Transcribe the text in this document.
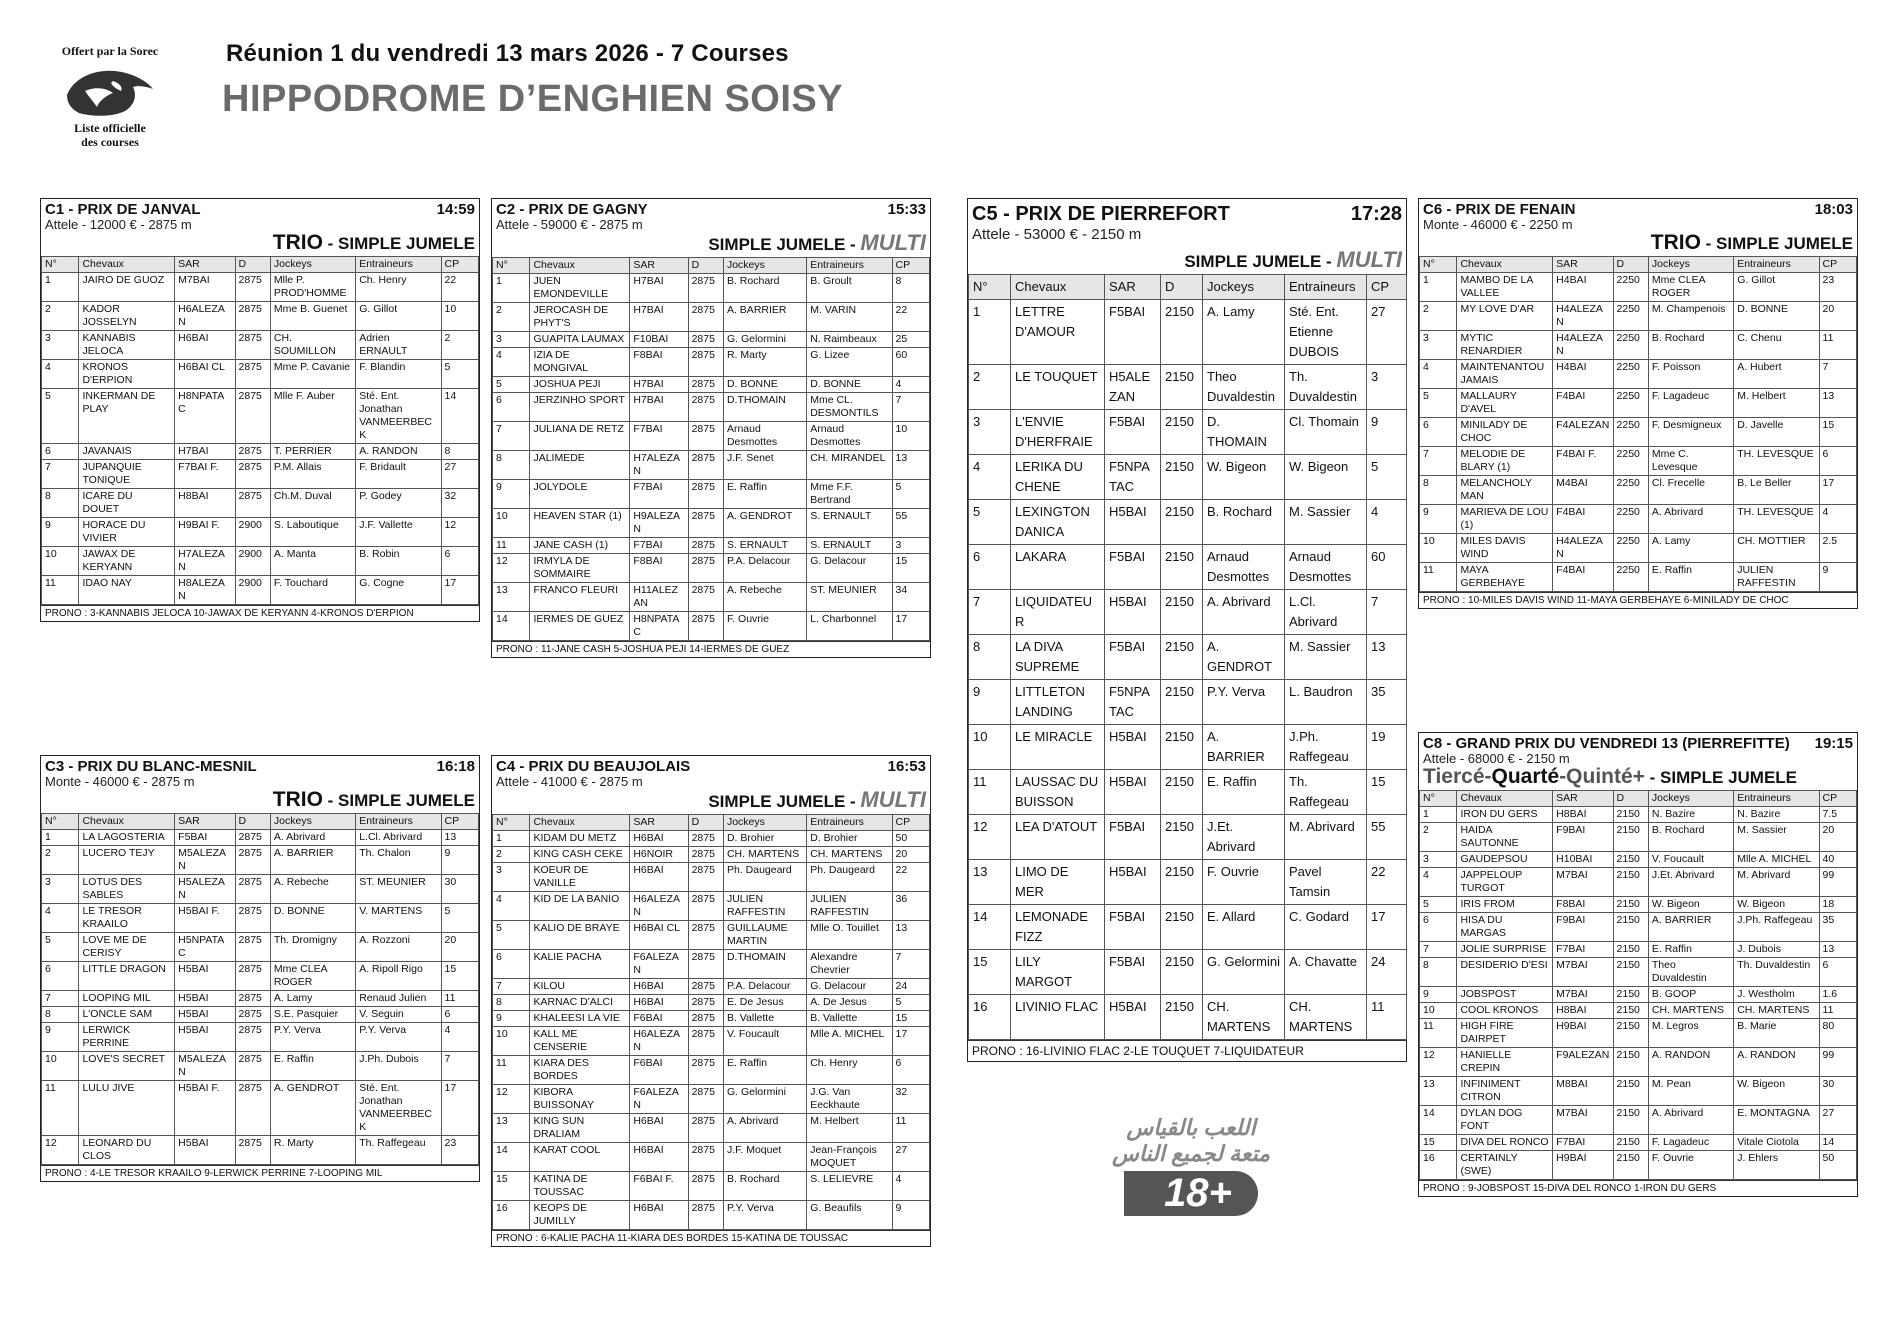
Offert par la Sorec
Liste officielle
des courses
Réunion 1 du vendredi 13 mars 2026 - 7 Courses
HIPPODROME D’ENGHIEN SOISY
C1 - PRIX DE JANVAL	14:59
Attele - 12000 € - 2875 m
TRIO - SIMPLE JUMELE
N°	Chevaux	SAR	D	Jockeys	Entraineurs	CP
1	JAIRO DE GUOZ	M7BAI	2875	Mlle P. PROD'HOMME	Ch. Henry	22
2	KADOR JOSSELYN	H6ALEZAN	2875	Mme B. Guenet	G. Gillot	10
3	KANNABIS JELOCA	H6BAI	2875	CH. SOUMILLON	Adrien ERNAULT	2
4	KRONOS D'ERPION	H6BAI CL	2875	Mme P. Cavanie	F. Blandin	5
5	INKERMAN DE PLAY	H8NPATAC	2875	Mlle F. Auber	Sté. Ent. Jonathan VANMEERBECK	14
6	JAVANAIS	H7BAI	2875	T. PERRIER	A. RANDON	8
7	JUPANQUIE TONIQUE	F7BAI F.	2875	P.M. Allais	F. Bridault	27
8	ICARE DU DOUET	H8BAI	2875	Ch.M. Duval	P. Godey	32
9	HORACE DU VIVIER	H9BAI F.	2900	S. Laboutique	J.F. Vallette	12
10	JAWAX DE KERYANN	H7ALEZAN	2900	A. Manta	B. Robin	6
11	IDAO NAY	H8ALEZAN	2900	F. Touchard	G. Cogne	17
PRONO : 3-KANNABIS JELOCA 10-JAWAX DE KERYANN 4-KRONOS D'ERPION
C2 - PRIX DE GAGNY	15:33
Attele - 59000 € - 2875 m
SIMPLE JUMELE - MULTI
N°	Chevaux	SAR	D	Jockeys	Entraineurs	CP
1	JUEN EMONDEVILLE	H7BAI	2875	B. Rochard	B. Groult	8
2	JEROCASH DE PHYT'S	H7BAI	2875	A. BARRIER	M. VARIN	22
3	GUAPITA LAUMAX	F10BAI	2875	G. Gelormini	N. Raimbeaux	25
4	IZIA DE MONGIVAL	F8BAI	2875	R. Marty	G. Lizee	60
5	JOSHUA PEJI	H7BAI	2875	D. BONNE	D. BONNE	4
6	JERZINHO SPORT	H7BAI	2875	D.THOMAIN	Mme CL. DESMONTILS	7
7	JULIANA DE RETZ	F7BAI	2875	Arnaud Desmottes	Arnaud Desmottes	10
8	JALIMEDE	H7ALEZAN	2875	J.F. Senet	CH. MIRANDEL	13
9	JOLYDOLE	F7BAI	2875	E. Raffin	Mme F.F. Bertrand	5
10	HEAVEN STAR (1)	H9ALEZAN	2875	A. GENDROT	S. ERNAULT	55
11	JANE CASH (1)	F7BAI	2875	S. ERNAULT	S. ERNAULT	3
12	IRMYLA DE SOMMAIRE	F8BAI	2875	P.A. Delacour	G. Delacour	15
13	FRANCO FLEURI	H11ALEZAN	2875	A. Rebeche	ST. MEUNIER	34
14	IERMES DE GUEZ	H8NPATAC	2875	F. Ouvrie	L. Charbonnel	17
PRONO : 11-JANE CASH 5-JOSHUA PEJI 14-IERMES DE GUEZ
C3 - PRIX DU BLANC-MESNIL	16:18
Monte - 46000 € - 2875 m
TRIO - SIMPLE JUMELE
N°	Chevaux	SAR	D	Jockeys	Entraineurs	CP
1	LA LAGOSTERIA	F5BAI	2875	A. Abrivard	L.Cl. Abrivard	13
2	LUCERO TEJY	M5ALEZAN	2875	A. BARRIER	Th. Chalon	9
3	LOTUS DES SABLES	H5ALEZAN	2875	A. Rebeche	ST. MEUNIER	30
4	LE TRESOR KRAAILO	H5BAI F.	2875	D. BONNE	V. MARTENS	5
5	LOVE ME DE CERISY	H5NPATAC	2875	Th. Dromigny	A. Rozzoni	20
6	LITTLE DRAGON	H5BAI	2875	Mme CLEA ROGER	A. Ripoll Rigo	15
7	LOOPING MIL	H5BAI	2875	A. Lamy	Renaud Julien	11
8	L'ONCLE SAM	H5BAI	2875	S.E. Pasquier	V. Seguin	6
9	LERWICK PERRINE	H5BAI	2875	P.Y. Verva	P.Y. Verva	4
10	LOVE'S SECRET	M5ALEZAN	2875	E. Raffin	J.Ph. Dubois	7
11	LULU JIVE	H5BAI F.	2875	A. GENDROT	Sté. Ent. Jonathan VANMEERBECK	17
12	LEONARD DU CLOS	H5BAI	2875	R. Marty	Th. Raffegeau	23
PRONO : 4-LE TRESOR KRAAILO 9-LERWICK PERRINE 7-LOOPING MIL
C4 - PRIX DU BEAUJOLAIS	16:53
Attele - 41000 € - 2875 m
SIMPLE JUMELE - MULTI
N°	Chevaux	SAR	D	Jockeys	Entraineurs	CP
1	KIDAM DU METZ	H6BAI	2875	D. Brohier	D. Brohier	50
2	KING CASH CEKE	H6NOIR	2875	CH. MARTENS	CH. MARTENS	20
3	KOEUR DE VANILLE	H6BAI	2875	Ph. Daugeard	Ph. Daugeard	22
4	KID DE LA BANIO	H6ALEZAN	2875	JULIEN RAFFESTIN	JULIEN RAFFESTIN	36
5	KALIO DE BRAYE	H6BAI CL	2875	GUILLAUME MARTIN	Mlle O. Touillet	13
6	KALIE PACHA	F6ALEZAN	2875	D.THOMAIN	Alexandre Chevrier	7
7	KILOU	H6BAI	2875	P.A. Delacour	G. Delacour	24
8	KARNAC D'ALCI	H6BAI	2875	E. De Jesus	A. De Jesus	5
9	KHALEESI LA VIE	F6BAI	2875	B. Vallette	B. Vallette	15
10	KALL ME CENSERIE	H6ALEZAN	2875	V. Foucault	Mlle A. MICHEL	17
11	KIARA DES BORDES	F6BAI	2875	E. Raffin	Ch. Henry	6
12	KIBORA BUISSONAY	F6ALEZAN	2875	G. Gelormini	J.G. Van Eeckhaute	32
13	KING SUN DRALIAM	H6BAI	2875	A. Abrivard	M. Helbert	11
14	KARAT COOL	H6BAI	2875	J.F. Moquet	Jean-François MOQUET	27
15	KATINA DE TOUSSAC	F6BAI F.	2875	B. Rochard	S. LELIEVRE	4
16	KEOPS DE JUMILLY	H6BAI	2875	P.Y. Verva	G. Beaufils	9
PRONO : 6-KALIE PACHA 11-KIARA DES BORDES 15-KATINA DE TOUSSAC
C5 - PRIX DE PIERREFORT	17:28
Attele - 53000 € - 2150 m
SIMPLE JUMELE - MULTI
N°	Chevaux	SAR	D	Jockeys	Entraineurs	CP
1	LETTRE D'AMOUR	F5BAI	2150	A. Lamy	Sté. Ent. Etienne DUBOIS	27
2	LE TOUQUET	H5ALEZAN	2150	Theo Duvaldestin	Th. Duvaldestin	3
3	L'ENVIE D'HERFRAIE	F5BAI	2150	D. THOMAIN	Cl. Thomain	9
4	LERIKA DU CHENE	F5NPATAC	2150	W. Bigeon	W. Bigeon	5
5	LEXINGTON DANICA	H5BAI	2150	B. Rochard	M. Sassier	4
6	LAKARA	F5BAI	2150	Arnaud Desmottes	Arnaud Desmottes	60
7	LIQUIDATEUR	H5BAI	2150	A. Abrivard	L.Cl. Abrivard	7
8	LA DIVA SUPREME	F5BAI	2150	A. GENDROT	M. Sassier	13
9	LITTLETON LANDING	F5NPATAC	2150	P.Y. Verva	L. Baudron	35
10	LE MIRACLE	H5BAI	2150	A. BARRIER	J.Ph. Raffegeau	19
11	LAUSSAC DU BUISSON	H5BAI	2150	E. Raffin	Th. Raffegeau	15
12	LEA D'ATOUT	F5BAI	2150	J.Et. Abrivard	M. Abrivard	55
13	LIMO DE MER	H5BAI	2150	F. Ouvrie	Pavel Tamsin	22
14	LEMONADE FIZZ	F5BAI	2150	E. Allard	C. Godard	17
15	LILY MARGOT	F5BAI	2150	G. Gelormini	A. Chavatte	24
16	LIVINIO FLAC	H5BAI	2150	CH. MARTENS	CH. MARTENS	11
PRONO : 16-LIVINIO FLAC 2-LE TOUQUET 7-LIQUIDATEUR
C6 - PRIX DE FENAIN	18:03
Monte - 46000 € - 2250 m
TRIO - SIMPLE JUMELE
N°	Chevaux	SAR	D	Jockeys	Entraineurs	CP
1	MAMBO DE LA VALLEE	H4BAI	2250	Mme CLEA ROGER	G. Gillot	23
2	MY LOVE D'AR	H4ALEZAN	2250	M. Champenois	D. BONNE	20
3	MYTIC RENARDIER	H4ALEZAN	2250	B. Rochard	C. Chenu	11
4	MAINTENANTOU JAMAIS	H4BAI	2250	F. Poisson	A. Hubert	7
5	MALLAURY D'AVEL	F4BAI	2250	F. Lagadeuc	M. Helbert	13
6	MINILADY DE CHOC	F4ALEZAN	2250	F. Desmigneux	D. Javelle	15
7	MELODIE DE BLARY (1)	F4BAI F.	2250	Mme C. Levesque	TH. LEVESQUE	6
8	MELANCHOLY MAN	M4BAI	2250	Cl. Frecelle	B. Le Beller	17
9	MARIEVA DE LOU (1)	F4BAI	2250	A. Abrivard	TH. LEVESQUE	4
10	MILES DAVIS WIND	H4ALEZAN	2250	A. Lamy	CH. MOTTIER	2.5
11	MAYA GERBEHAYE	F4BAI	2250	E. Raffin	JULIEN RAFFESTIN	9
PRONO : 10-MILES DAVIS WIND 11-MAYA GERBEHAYE 6-MINILADY DE CHOC
C8 - GRAND PRIX DU VENDREDI 13 (PIERREFITTE)	19:15
Attele - 68000 € - 2150 m
Tiercé-Quarté-Quinté+ - SIMPLE JUMELE
N°	Chevaux	SAR	D	Jockeys	Entraineurs	CP
1	IRON DU GERS	H8BAI	2150	N. Bazire	N. Bazire	7.5
2	HAIDA SAUTONNE	F9BAI	2150	B. Rochard	M. Sassier	20
3	GAUDEPSOU	H10BAI	2150	V. Foucault	Mlle A. MICHEL	40
4	JAPPELOUP TURGOT	M7BAI	2150	J.Et. Abrivard	M. Abrivard	99
5	IRIS FROM	F8BAI	2150	W. Bigeon	W. Bigeon	18
6	HISA DU MARGAS	F9BAI	2150	A. BARRIER	J.Ph. Raffegeau	35
7	JOLIE SURPRISE	F7BAI	2150	E. Raffin	J. Dubois	13
8	DESIDERIO D'ESI	M7BAI	2150	Theo Duvaldestin	Th. Duvaldestin	6
9	JOBSPOST	M7BAI	2150	B. GOOP	J. Westholm	1.6
10	COOL KRONOS	H8BAI	2150	CH. MARTENS	CH. MARTENS	11
11	HIGH FIRE DAIRPET	H9BAI	2150	M. Legros	B. Marie	80
12	HANIELLE CREPIN	F9ALEZAN	2150	A. RANDON	A. RANDON	99
13	INFINIMENT CITRON	M8BAI	2150	M. Pean	W. Bigeon	30
14	DYLAN DOG FONT	M7BAI	2150	A. Abrivard	E. MONTAGNA	27
15	DIVA DEL RONCO	F7BAI	2150	F. Lagadeuc	Vitale Ciotola	14
16	CERTAINLY (SWE)	H9BAI	2150	F. Ouvrie	J. Ehlers	50
PRONO : 9-JOBSPOST 15-DIVA DEL RONCO 1-IRON DU GERS
اللعب بالقياس
متعة لجميع الناس
18+
